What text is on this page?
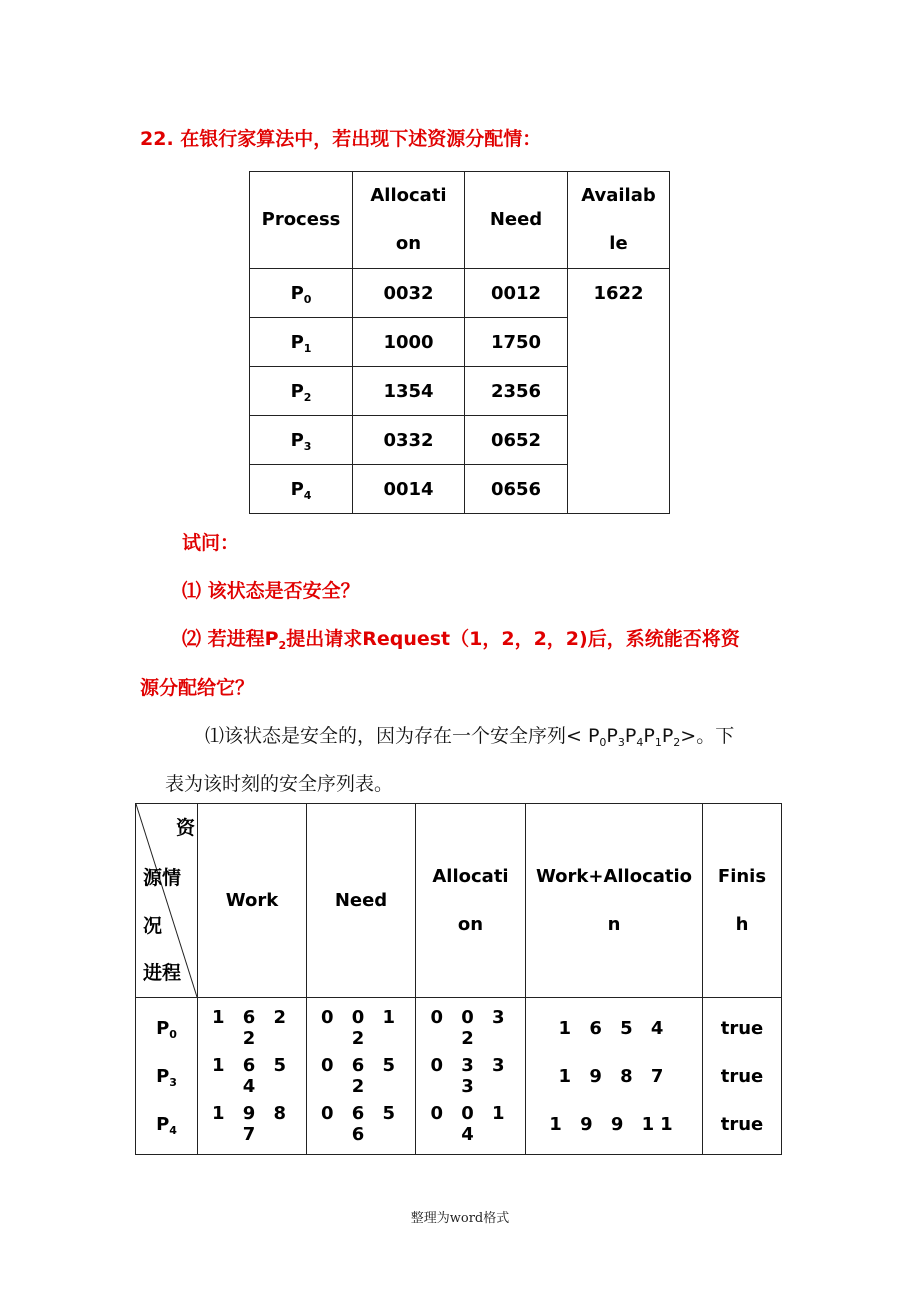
22. 在银行家算法中，若出现下述资源分配情：
Process	Allocati
on	Need	Availab
le
$P_0$	0032	0012	1622
$P_1$	1000	1750	
$P_2$	1354	2356	
$P_3$	0332	0652	
$P_4$	0014	0656	
试问：
⑴ 该状态是否安全？
⑵ 若进程$P_2$提出请求Request（1，2，2，2)后，系统能否将资
源分配给它？
⑴该状态是安全的，因为存在一个安全序列< $P_0P_3P_4P_1P_2>$。下
表为该时刻的安全序列表。
资
源情
况
进程	Work	Need	Allocati
on	Work+Allocatio
n	Finis
h
$P_0$	1 6 2 2	0 0 1 2	0 0 3 2	1 6 5 4	true
$P_3$	1 6 5 4	0 6 5 2	0 3 3 3	1 9 8 7	true
$P_4$	1 9 8 7	0 6 5 6	0 0 1 4	1 9 9 11	true
整理为word格式
